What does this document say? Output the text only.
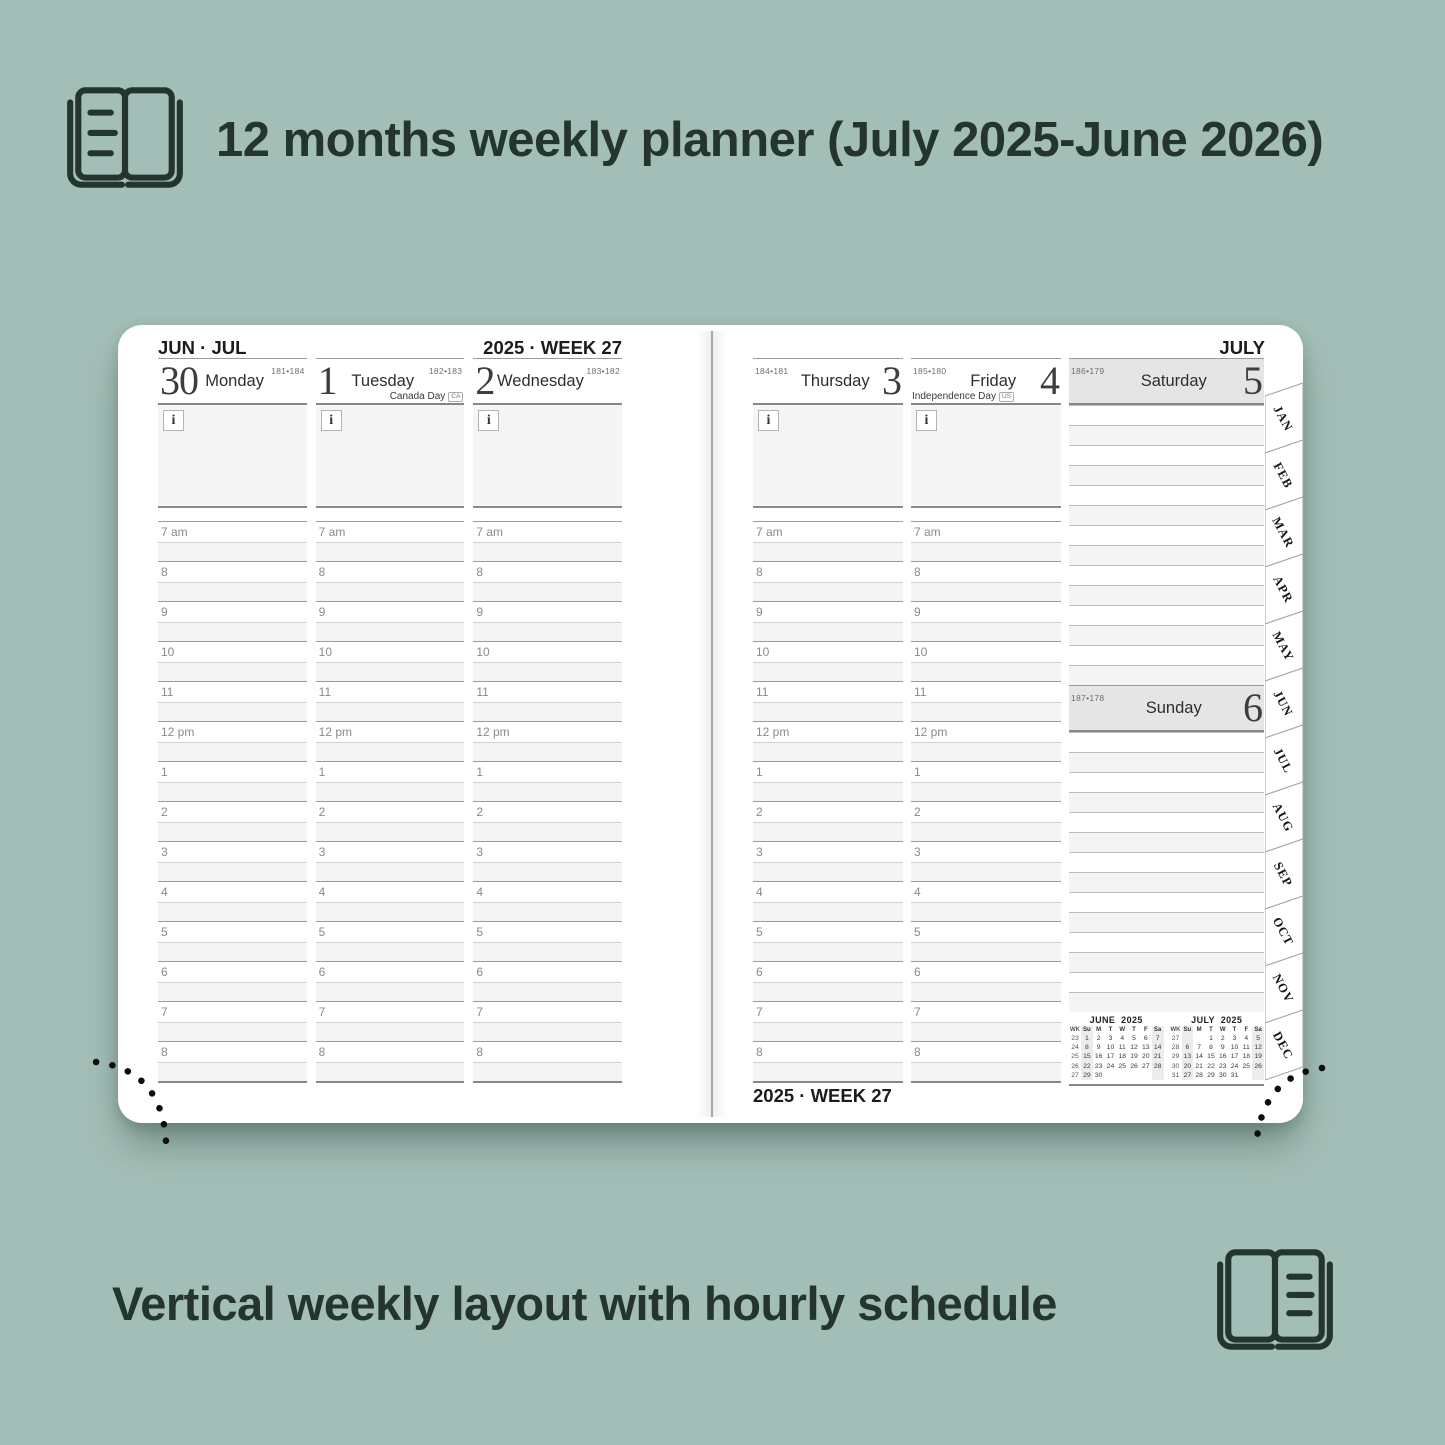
12 months weekly planner (July 2025-June 2026)
JUN · JUL	2025 · WEEK 27	JULY
30 Monday
181•184
i
7 am
8
9
10
11
12 pm
1
2
3
4
5
6
7
8
1 Tuesday
182•183
Canada Day CA
i
7 am
8
9
10
11
12 pm
1
2
3
4
5
6
7
8
2 Wednesday
183•182
i
7 am
8
9
10
11
12 pm
1
2
3
4
5
6
7
8
184•181
Thursday 3
i
7 am
8
9
10
11
12 pm
1
2
3
4
5
6
7
8
185•180
Friday 4
Independence Day US
i
7 am
8
9
10
11
12 pm
1
2
3
4
5
6
7
8
186•179
Saturday 5
187•178
Sunday 6
JUNE 2025
WK	Su	M	T	W	T	F	Sa
23	1	2	3	4	5	6	7
24	8	9	10	11	12	13	14
25	15	16	17	18	19	20	21
26	22	23	24	25	26	27	28
27	29	30					
JULY 2025
WK	Su	M	T	W	T	F	Sa
27			1	2	3	4	5
28	6	7	8	9	10	11	12
29	13	14	15	16	17	18	19
30	20	21	22	23	24	25	26
31	27	28	29	30	31		
2025 · WEEK 27
JAN
FEB
MAR
APR
MAY
JUN
JUL
AUG
SEP
OCT
NOV
DEC
Vertical weekly layout with hourly schedule
